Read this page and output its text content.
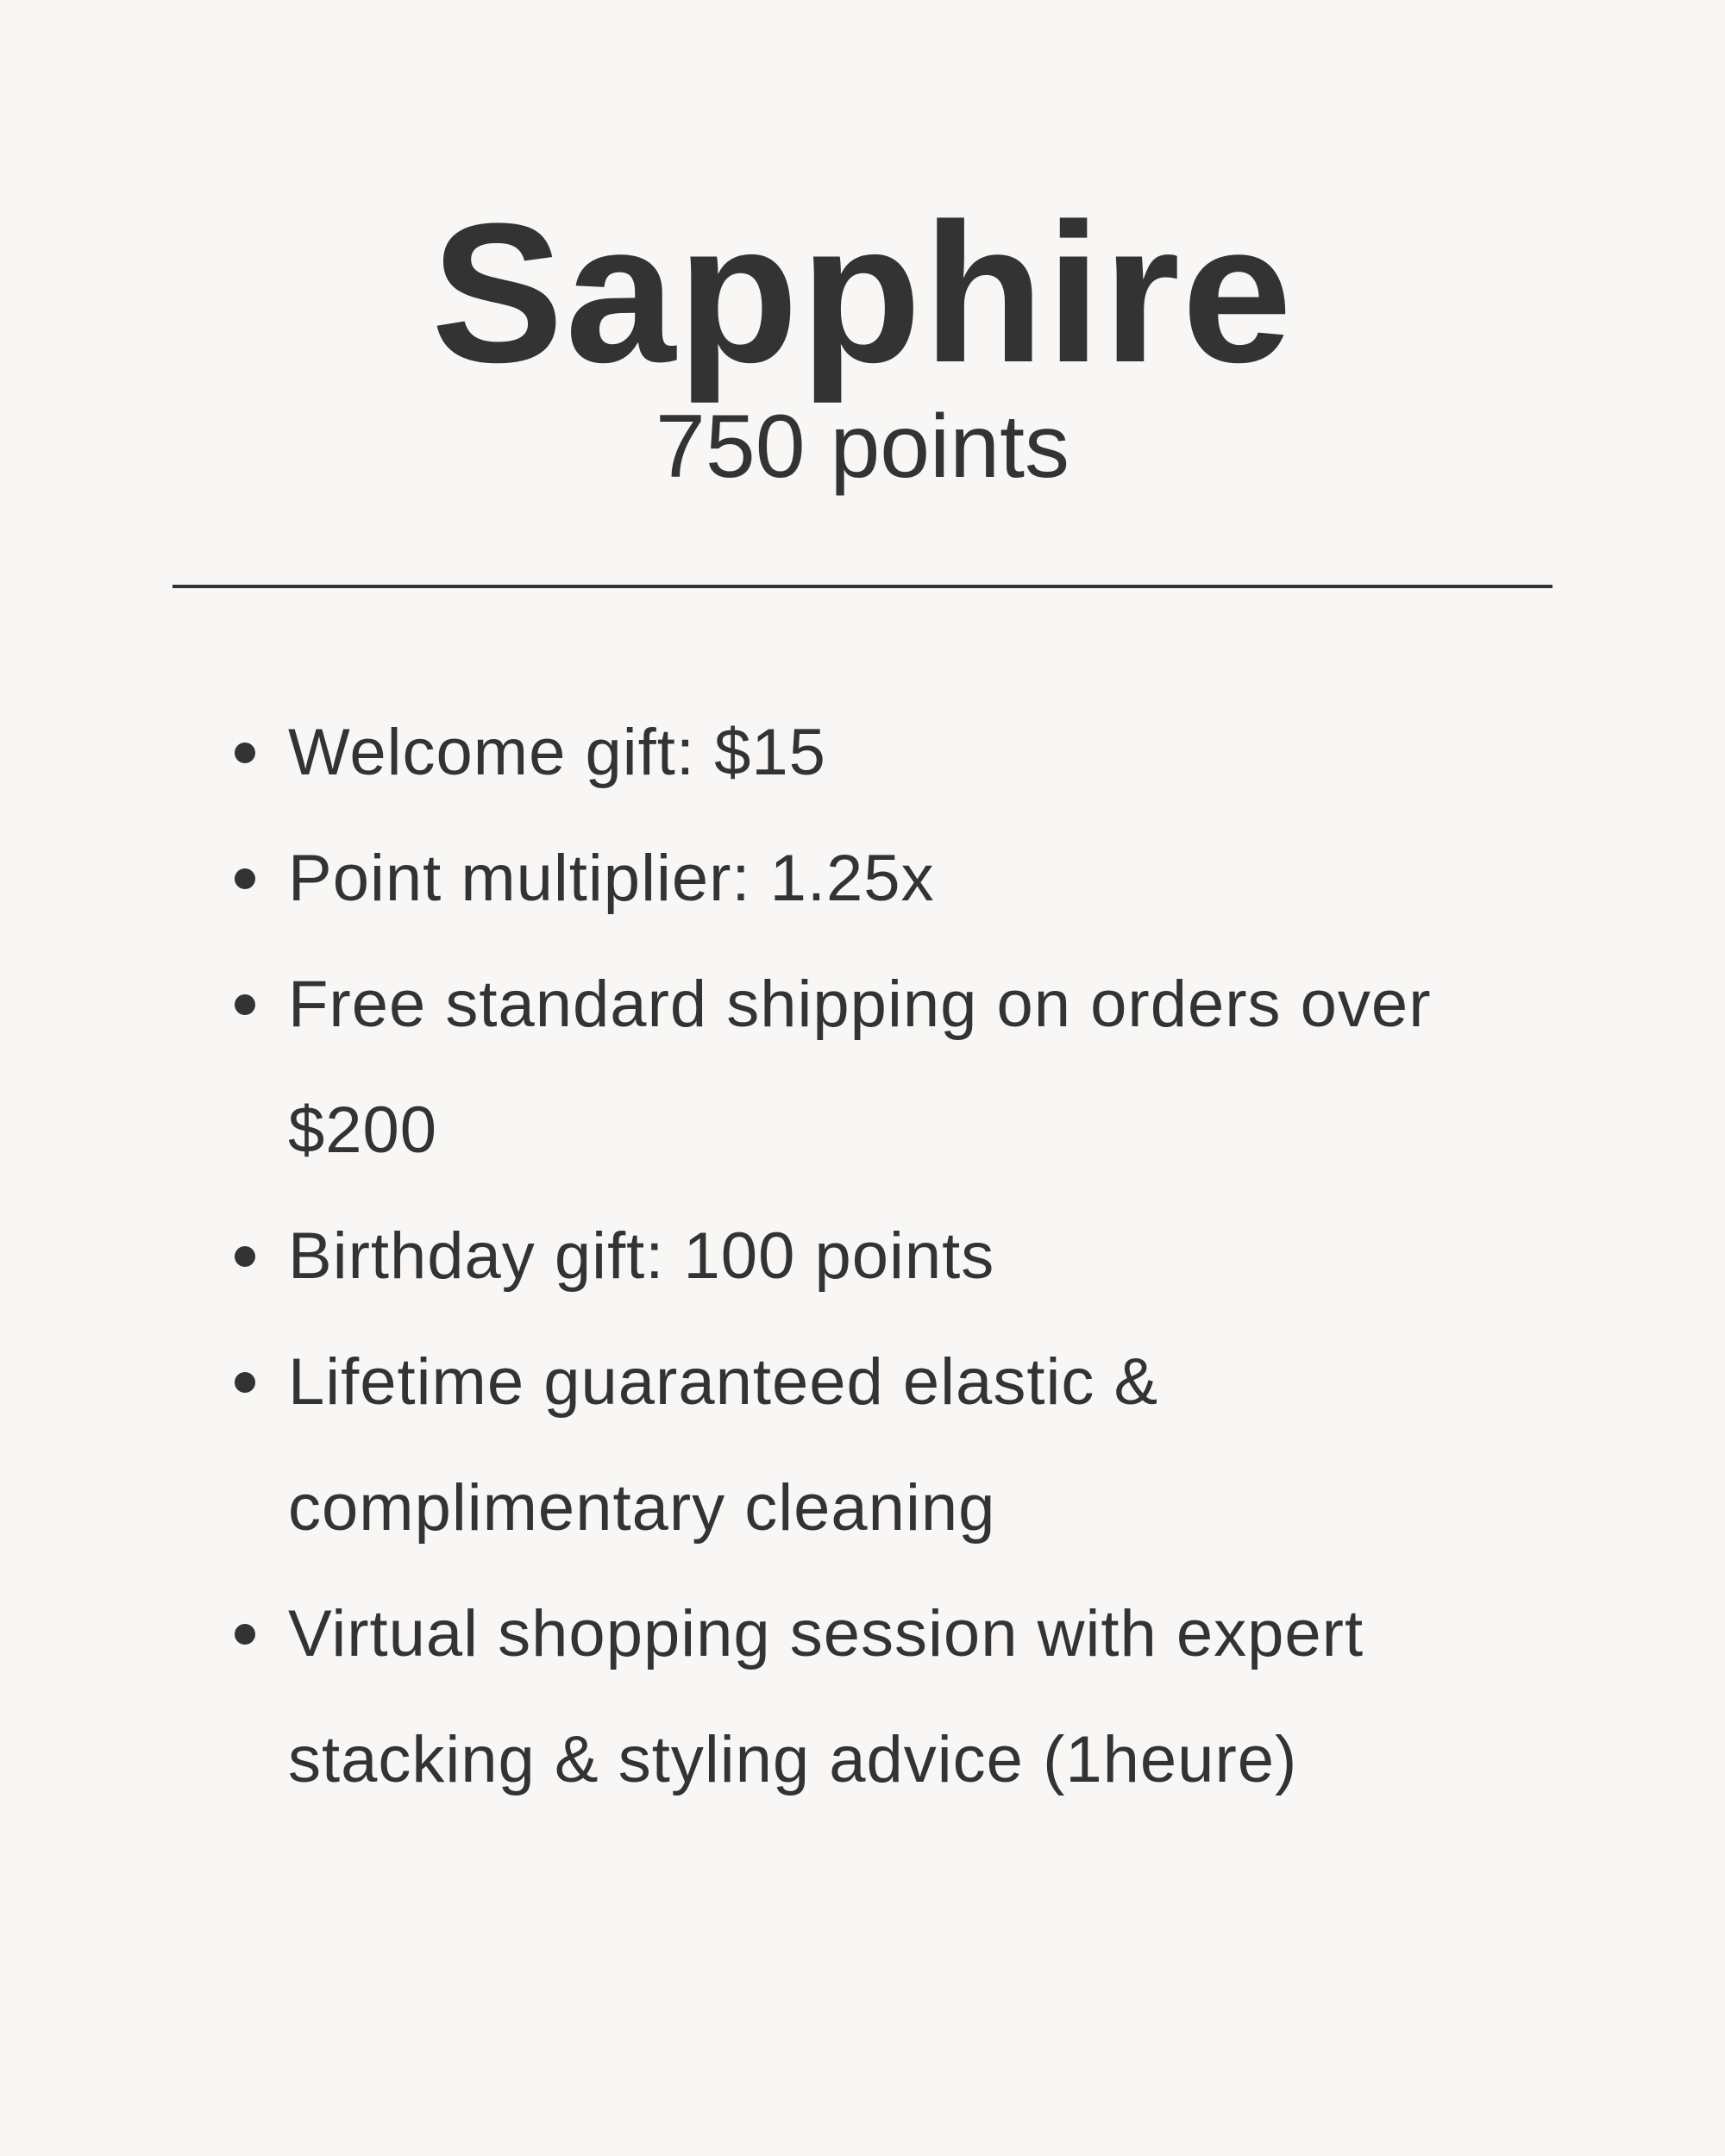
Sapphire
750 points
Welcome gift: $15
Point multiplier: 1.25x
Free standard shipping on orders over $200
Birthday gift: 100 points
Lifetime guaranteed elastic & complimentary cleaning
Virtual shopping session with expert stacking & styling advice (1heure)
